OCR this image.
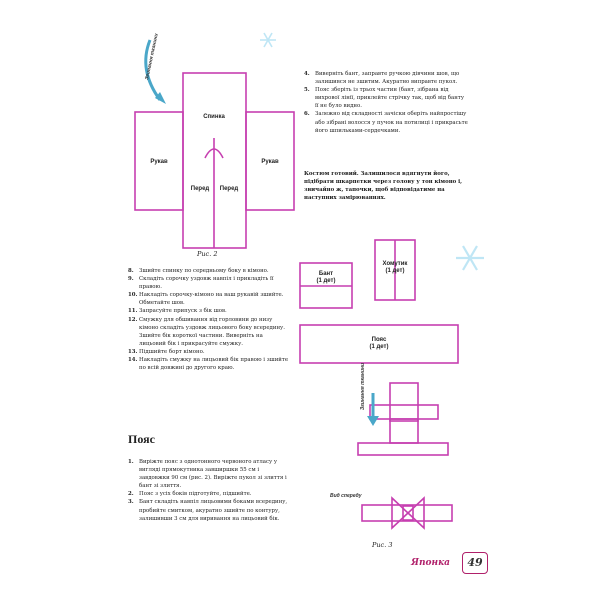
Згинання тканини
Спинка
Рукав	Рукав
Перед Перед
Згинання тканини
Бант (1 дет)
Хомутик (1 дет)
Пояс (1 дет)
Вид спереду
Рис. 2
Рис. 3
4. Виверніть бант, заправте ручкою дівчини шов, що залишився не зшитим. Акуратно виправте пукол.
5. Пояс зберіть із трьох частин (бант, зібрана від вихрової лінії, приклейте стрічку так, щоб від банту її не було видно.
6. Залежно від складності зачіски оберіть найпростішу або зібрані волосся у пучок на потилиці і прикрасьте його шпильками-сердечками.
Костюм готовий. Залишилося вдягнути його, підібрати шкарпетки через голову у тон кімоно і, звичайно ж, тапочки, щоб відповідатиме на наступних замірюваннях.
8. Зшийте спинку по середньому боку в кімоно.
9. Складіть сорочку уздовж навпіл і прикладіть її правою.
10. Накладіть сорочку-кімоно на ваш рукавій зшийте. Обметайте шов.
11. Запрасуйте припуск з бік шов.
12. Смужку для обшивання від горловини до низу кімоно складіть уздовж лицьового боку всередину. Зшийте бік короткої частини. Виверніть на лицьовий бік і прикрасуйте смужку.
13. Підшийте борт кімоно.
14. Накладіть смужку на лицьовий бік правою і зшийте по всій довжині до другого краю.
Пояс
1. Виріжте пояс з однотонного червоного атласу у вигляді прямокутника завширшки 55 см і завдовжки 90 см (рис. 2). Виріжте пукол зі злиття і бант зі злиття.
2. Пояс з усіх боків підготуйте, підшийте.
3. Бант складіть навпіл лицьовими боками всередину, пробийте смитком, акуратно зшийте по контуру, залишивши 3 см для виривання на лицьовий бік.
Японка	49
